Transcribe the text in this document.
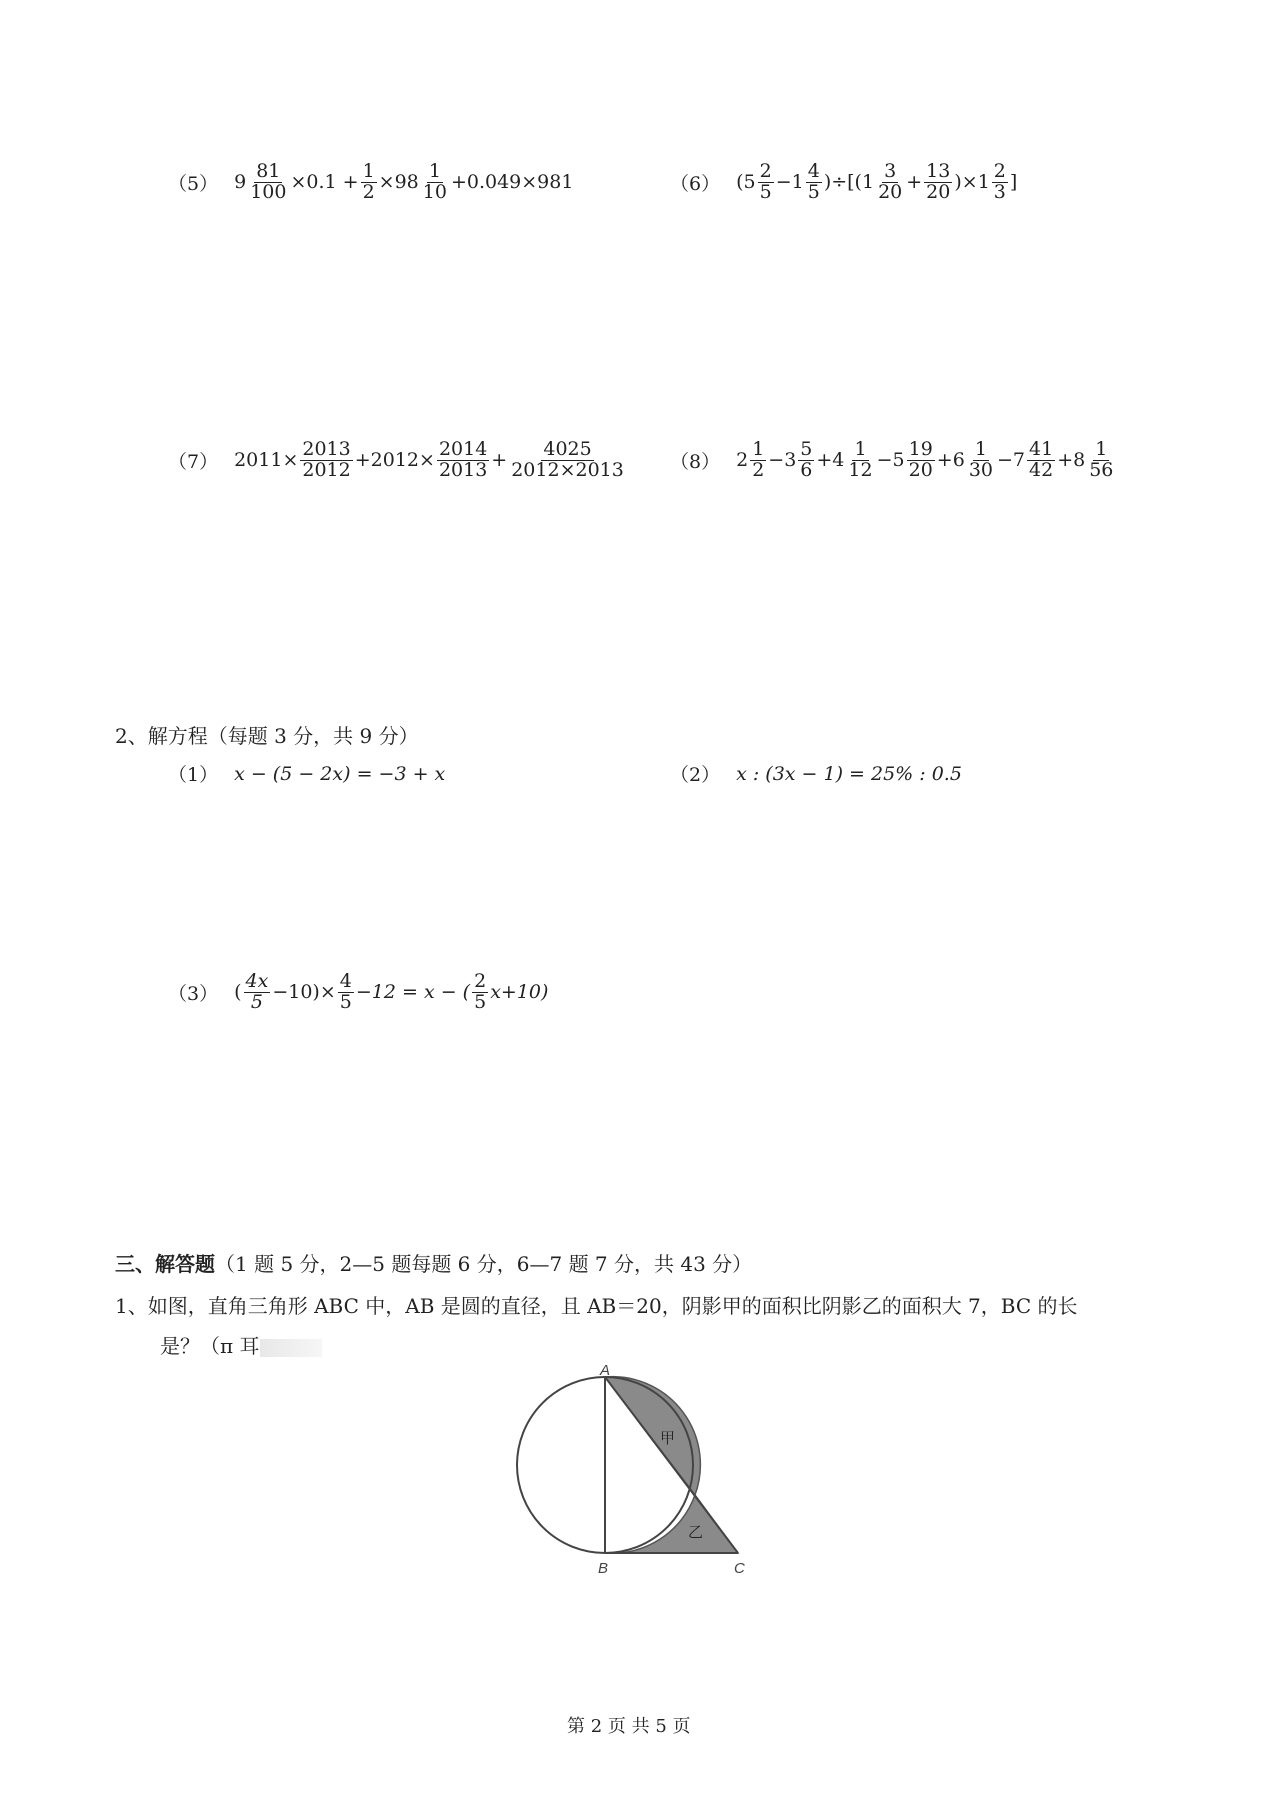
（5） $9 \frac{81}{100} \times 0.1 + \frac{1}{2} \times 98 \frac{1}{10} +0.049\times 981$	（6） $(5 \frac{2}{5} -1 \frac{4}{5} )\div[(1 \frac{3}{20} + \frac{13}{20} )\times 1 \frac{2}{3}$ ]
（7） $2011\times \frac{2013}{2012} +2012\times \frac{2014}{2013} + \frac{4025}{2012\times 2013} (8)$ $2 \frac{1}{2} -3 \frac{5}{6} +4 \frac{1}{12} -5 \frac{19}{20} +6 \frac{1}{30} -7 \frac{41}{42} +8 \frac{1}{56}$
2、解方程（每题 3 分，共 9 分）
（1） x − (5 − 2x) = −3 + x	（2） x : (3x − 1) = 25% : 0.5
（3） ( $\frac{4x}{5} -10)\times \frac{4}{5} -12 = x$ − ( $\frac{2}{5} x+10$)
三、解答题（1 题 5 分，2—5 题每题 6 分，6—7 题 7 分，共 43 分）
1、如图，直角三角形 ABC 中，AB 是圆的直径，且 AB＝20，阴影甲的面积比阴影乙的面积大 7，BC 的长
是？（π 耳
A
B	C
甲
乙
第 2 页 共 5 页
